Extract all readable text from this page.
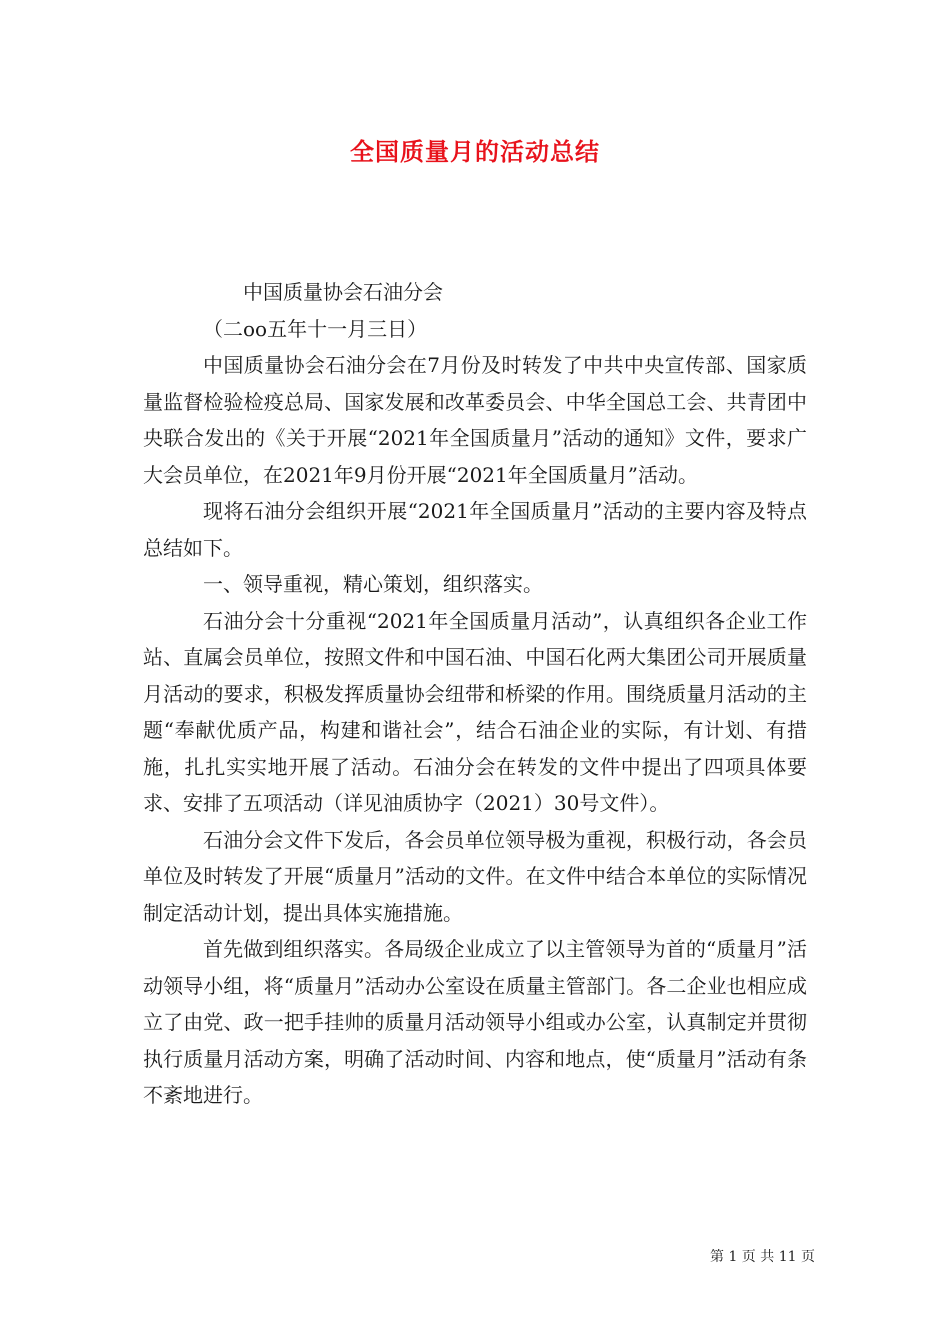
全国质量月的活动总结

中国质量协会石油分会

（二oo五年十一月三日）

中国质量协会石油分会在7月份及时转发了中共中央宣传部、国家质量监督检验检疫总局、国家发展和改革委员会、中华全国总工会、共青团中央联合发出的《关于开展“2021年全国质量月”活动的通知》文件，要求广大会员单位，在2021年9月份开展“2021年全国质量月”活动。

现将石油分会组织开展“2021年全国质量月”活动的主要内容及特点总结如下。

一、领导重视，精心策划，组织落实。

石油分会十分重视“2021年全国质量月活动”，认真组织各企业工作站、直属会员单位，按照文件和中国石油、中国石化两大集团公司开展质量月活动的要求，积极发挥质量协会纽带和桥梁的作用。围绕质量月活动的主题“奉献优质产品，构建和谐社会”，结合石油企业的实际，有计划、有措施，扎扎实实地开展了活动。石油分会在转发的文件中提出了四项具体要求、安排了五项活动（详见油质协字（2021）30号文件）。

石油分会文件下发后，各会员单位领导极为重视，积极行动，各会员单位及时转发了开展“质量月”活动的文件。在文件中结合本单位的实际情况制定活动计划，提出具体实施措施。

首先做到组织落实。各局级企业成立了以主管领导为首的“质量月”活动领导小组，将“质量月”活动办公室设在质量主管部门。各二企业也相应成立了由党、政一把手挂帅的质量月活动领导小组或办公室，认真制定并贯彻执行质量月活动方案，明确了活动时间、内容和地点，使“质量月”活动有条不紊地进行。

第 1 页 共 11 页
